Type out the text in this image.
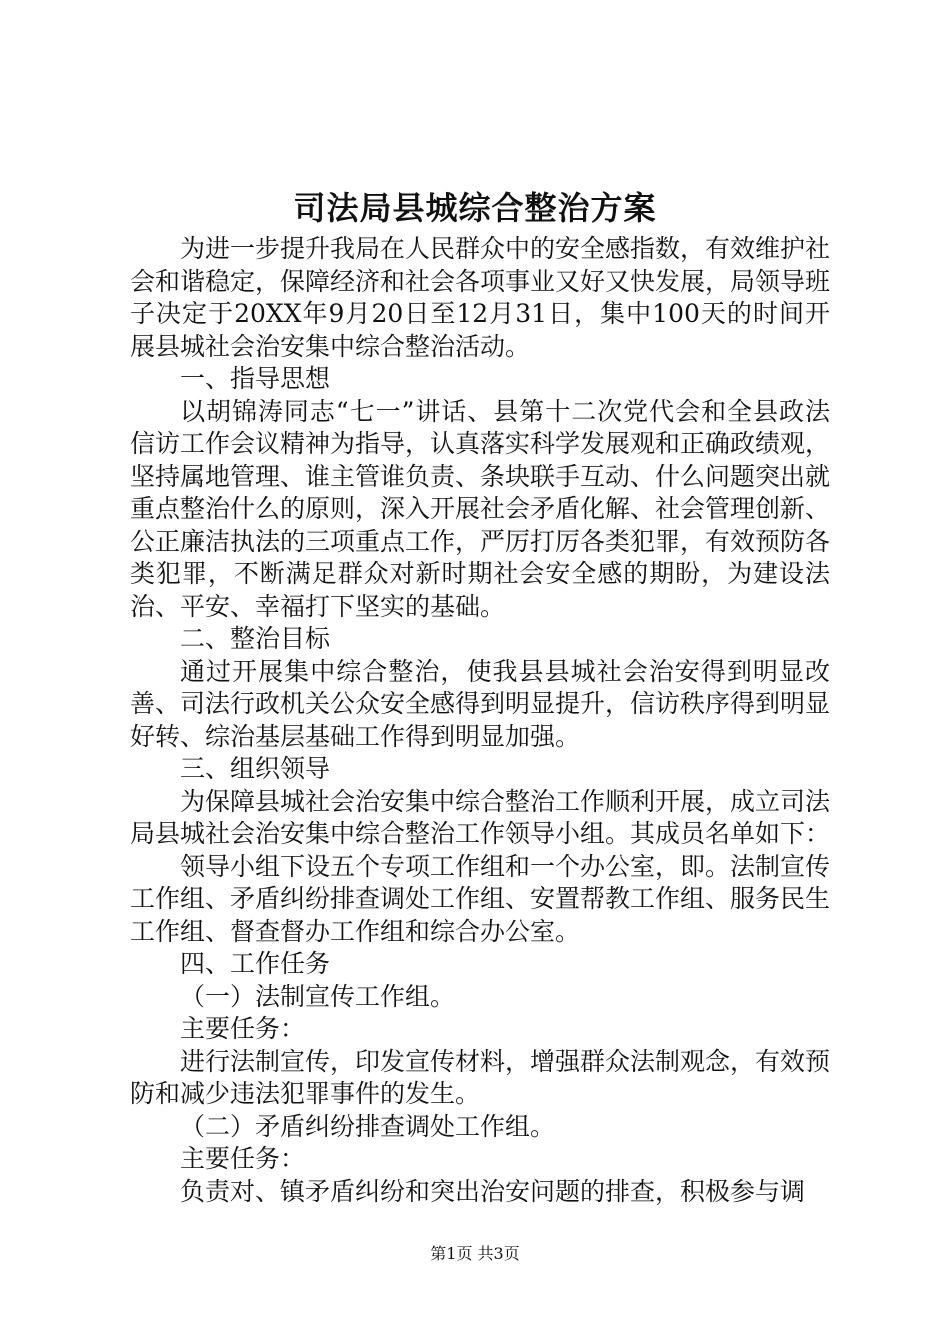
司法局县城综合整治方案

为进一步提升我局在人民群众中的安全感指数，有效维护社会和谐稳定，保障经济和社会各项事业又好又快发展，局领导班子决定于20XX年9月20日至12月31日，集中100天的时间开展县城社会治安集中综合整治活动。

一、指导思想

以胡锦涛同志“七一”讲话、县第十二次党代会和全县政法信访工作会议精神为指导，认真落实科学发展观和正确政绩观，坚持属地管理、谁主管谁负责、条块联手互动、什么问题突出就重点整治什么的原则，深入开展社会矛盾化解、社会管理创新、公正廉洁执法的三项重点工作，严厉打厉各类犯罪，有效预防各类犯罪，不断满足群众对新时期社会安全感的期盼，为建设法治、平安、幸福打下坚实的基础。

二、整治目标

通过开展集中综合整治，使我县县城社会治安得到明显改善、司法行政机关公众安全感得到明显提升，信访秩序得到明显好转、综治基层基础工作得到明显加强。

三、组织领导

为保障县城社会治安集中综合整治工作顺利开展，成立司法局县城社会治安集中综合整治工作领导小组。其成员名单如下：

领导小组下设五个专项工作组和一个办公室，即。法制宣传工作组、矛盾纠纷排查调处工作组、安置帮教工作组、服务民生工作组、督查督办工作组和综合办公室。

四、工作任务

（一）法制宣传工作组。

主要任务：

进行法制宣传，印发宣传材料，增强群众法制观念，有效预防和减少违法犯罪事件的发生。

（二）矛盾纠纷排查调处工作组。

主要任务：

负责对、镇矛盾纠纷和突出治安问题的排查，积极参与调

第1页 共3页
